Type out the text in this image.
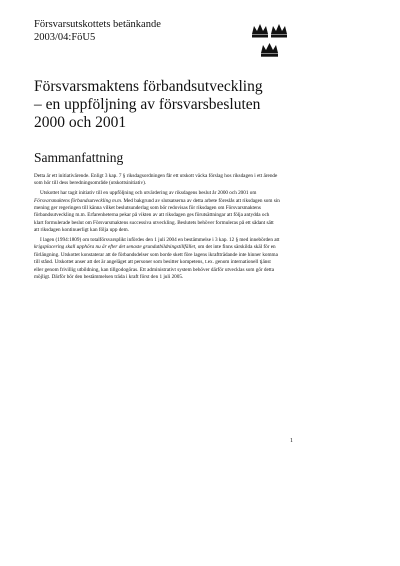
Försvarsutskottets betänkande
2003/04:FöU5
Försvarsmaktens förbandsutveckling
– en uppföljning av försvarsbesluten
2000 och 2001
Sammanfattning

Detta är ett initiativärende. Enligt 3 kap. 7 § riksdagsordningen får ett utskott väcka förslag hos riksdagen i ett ärende som hör till dess beredningsområde (utskottsinitiativ).

Utskottet har tagit initiativ till en uppföljning och utvärdering av riksdagens beslut år 2000 och 2001 om Försvarsmaktens förbandsutveckling m.m. Med bakgrund av slutsatserna av detta arbete föreslås att riksdagen som sin mening ger regeringen till känna vilket beslutsunderlag som bör redovisas för riksdagen om Försvarsmaktens förbandsutveckling m.m. Erfarenheterna pekar på vikten av att riksdagen ges förutsättningar att följa antydda och klart formulerade beslut om Försvarsmaktens successiva utveckling. Beslutets behöver formuleras på ett sådant sätt att riksdagen kontinuerligt kan följa upp dem.

I lagen (1994:1809) om totalförsvarsplikt infördes den 1 juli 2004 en bestämmelse i 3 kap. 12 § med innebörden att krigsplacering skall upphöra nu är efter det senaste grundutbildningstillfället, om det inte finns särskilda skäl för en förlängning. Utskottet konstaterar att de förbandsdelser som borde skett före lagens ikraftträdande inte hinner komma till stånd. Utskottet anser att det är angeläget att personer som besitter kompetens, t.ex. genom internationell tjänst eller genom frivillig utbildning, kan tillgodogöras. Ett administrativt system behöver därför utvecklas som gör detta möjligt. Därför bör den bestämmelsen träda i kraft först den 1 juli 2005.

1
